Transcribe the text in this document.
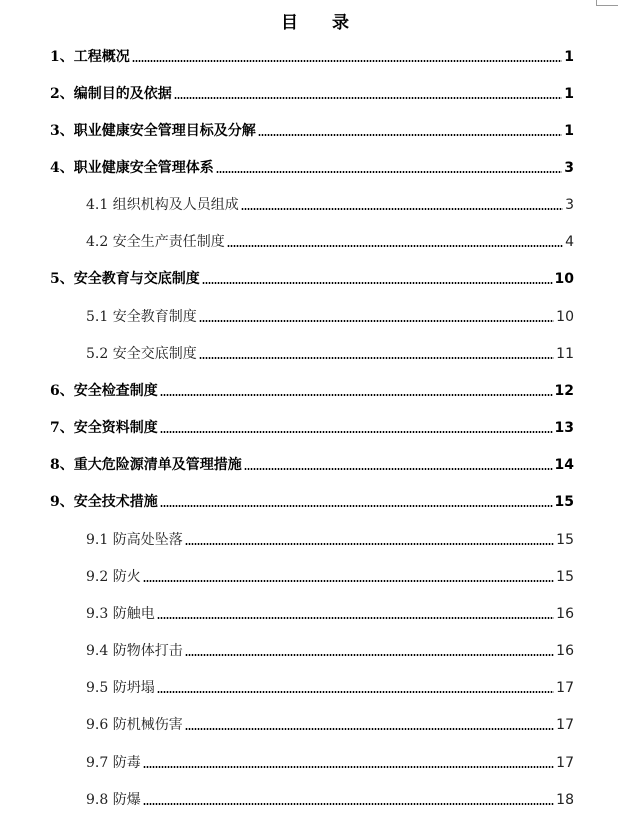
目 录
1、工程概况	1
2、编制目的及依据	1
3、职业健康安全管理目标及分解	1
4、职业健康安全管理体系	3
4.1 组织机构及人员组成	3
4.2 安全生产责任制度	4
5、安全教育与交底制度	10
5.1 安全教育制度	10
5.2 安全交底制度	11
6、安全检查制度	12
7、安全资料制度	13
8、重大危险源清单及管理措施	14
9、安全技术措施	15
9.1 防高处坠落	15
9.2 防火	15
9.3 防触电	16
9.4 防物体打击	16
9.5 防坍塌	17
9.6 防机械伤害	17
9.7 防毒	17
9.8 防爆	18
